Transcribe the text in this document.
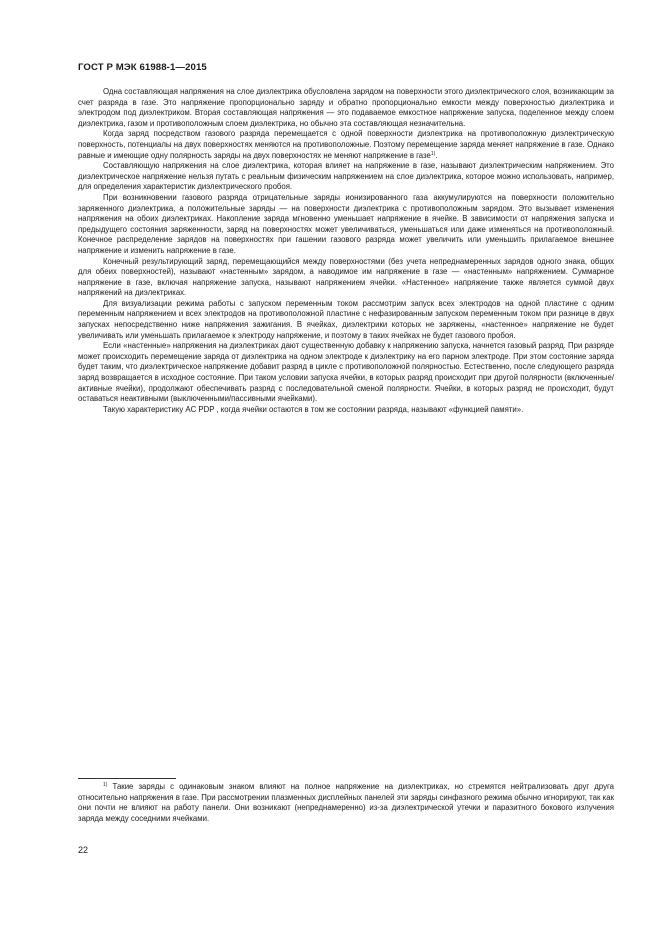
ГОСТ Р МЭК 61988-1—2015

Одна составляющая напряжения на слое диэлектрика обусловлена зарядом на поверхности этого диэлектрического слоя, возникающим за счет разряда в газе. Это напряжение пропорционально заряду и обратно пропорционально емкости между поверхностью диэлектрика и электродом под диэлектриком. Вторая составляющая напряжения — это подаваемое емкостное напряжение запуска, поделенное между слоем диэлектрика, газом и противоположным слоем диэлектрика, но обычно эта составляющая незначительна.

Когда заряд посредством газового разряда перемещается с одной поверхности диэлектрика на противоположную диэлектрическую поверхность, потенциалы на двух поверхностях меняются на противоположные. Поэтому перемещение заряда меняет напряжение в газе. Однако равные и имеющие одну полярность заряды на двух поверхностях не меняют напряжение в газе$^{1)}$.

Составляющую напряжения на слое диэлектрика, которая влияет на напряжение в газе, называют диэлектрическим напряжением. Это диэлектрическое напряжение нельзя путать с реальным физическим напряжением на слое диэлектрика, которое можно использовать, например, для определения характеристик диэлектрического пробоя.

При возникновении газового разряда отрицательные заряды ионизированного газа аккумулируются на поверхности положительно заряженного диэлектрика, а положительные заряды — на поверхности диэлектрика с противоположным зарядом. Это вызывает изменения напряжения на обоих диэлектриках. Накопление заряда мгновенно уменьшает напряжение в ячейке. В зависимости от напряжения запуска и предыдущего состояния заряженности, заряд на поверхностях может увеличиваться, уменьшаться или даже изменяться на противоположный. Конечное распределение зарядов на поверхностях при гашении газового разряда может увеличить или уменьшить прилагаемое внешнее напряжение и изменить напряжение в газе.

Конечный результирующий заряд, перемещающийся между поверхностями (без учета непреднамеренных зарядов одного знака, общих для обеих поверхностей), называют «настенным» зарядом, а наводимое им напряжение в газе — «настенным» напряжением. Суммарное напряжение в газе, включая напряжение запуска, называют напряжением ячейки. «Настенное» напряжение также является суммой двух напряжений на диэлектриках.

Для визуализации режима работы с запуском переменным током рассмотрим запуск всех электродов на одной пластине с одним переменным напряжением и всех электродов на противоположной пластине с нефазированным запуском переменным током при разнице в двух запусках непосредственно ниже напряжения зажигания. В ячейках, диэлектрики которых не заряжены, «настенное» напряжение не будет увеличивать или уменьшать прилагаемое к электроду напряжение, и поэтому в таких ячейках не будет газового пробоя.

Если «настенные» напряжения на диэлектриках дают существенную добавку к напряжению запуска, начнется газовый разряд. При разряде может происходить перемещение заряда от диэлектрика на одном электроде к диэлектрику на его парном электроде. При этом состояние заряда будет таким, что диэлектрическое напряжение добавит разряд в цикле с противоположной полярностью. Естественно, после следующего разряда заряд возвращается в исходное состояние. При таком условии запуска ячейки, в которых разряд происходит при другой полярности (включенные/активные ячейки), продолжают обеспечивать разряд с последовательной сменой полярности. Ячейки, в которых разряд не происходит, будут оставаться неактивными (выключенными/пассивными ячейками).

Такую характеристику AC PDP , когда ячейки остаются в том же состоянии разряда, называют «функцией памяти».

$^{1)}$ Такие заряды с одинаковым знаком влияют на полное напряжение на диэлектриках, но стремятся нейтрализовать друг друга относительно напряжения в газе. При рассмотрении плазменных дисплейных панелей эти заряды синфазного режима обычно игнорируют, так как они почти не влияют на работу панели. Они возникают (непреднамеренно) из-за диэлектрической утечки и паразитного бокового излучения заряда между соседними ячейками.

22
